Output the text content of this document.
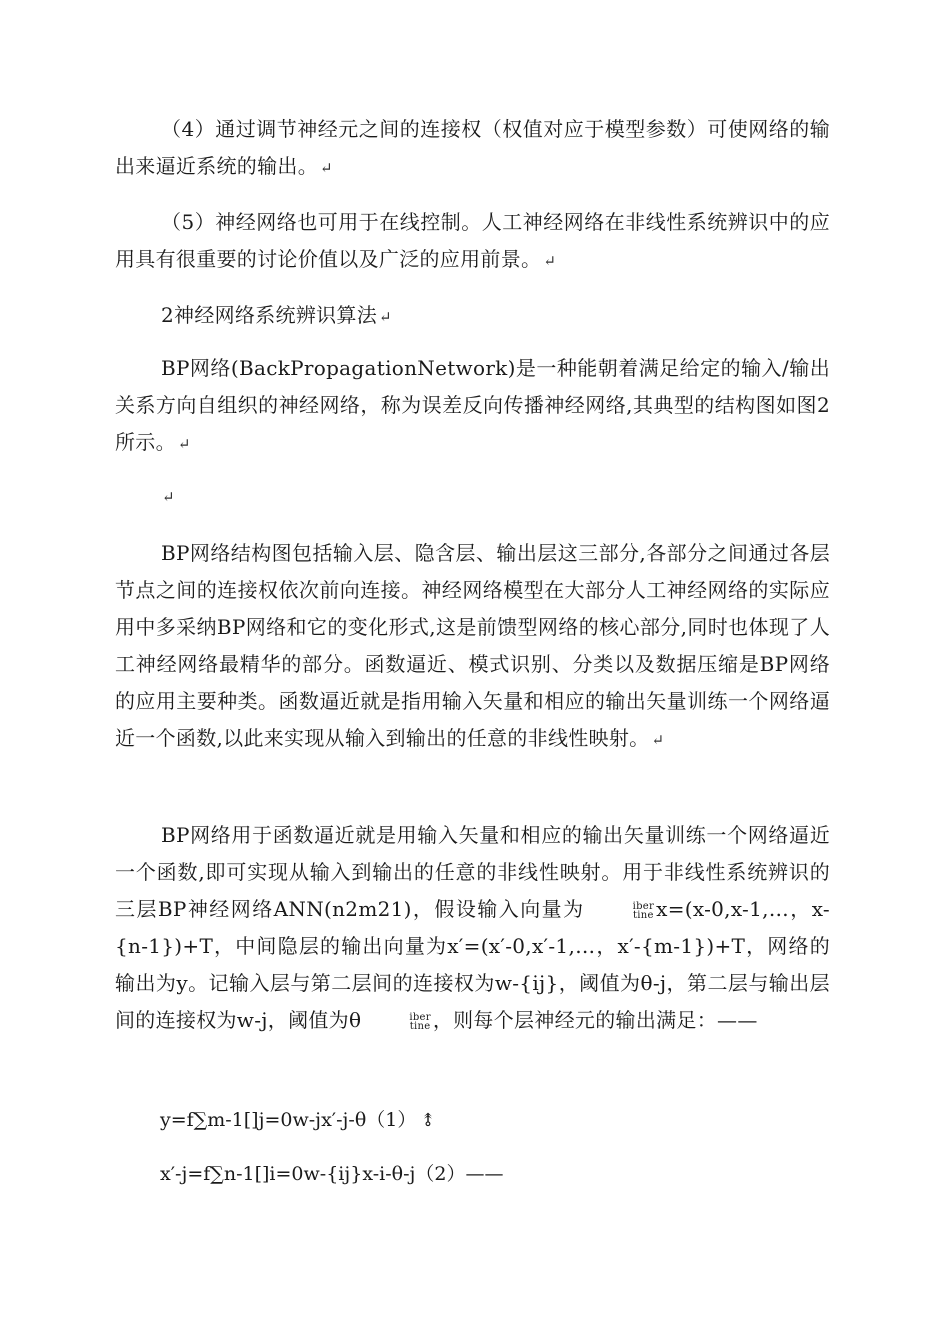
（4）通过调节神经元之间的连接权（权值对应于模型参数）可使网络的输出来逼近系统的输出。 ↵

（5）神经网络也可用于在线控制。人工神经网络在非线性系统辨识中的应用具有很重要的讨论价值以及广泛的应用前景。 ↵

2神经网络系统辨识算法 ↵

BP网络(BackPropagationNetwork)是一种能朝着满足给定的输入/输出关系方向自组织的神经网络，称为误差反向传播神经网络,其典型的结构图如图2所示。 ↵

↵

BP网络结构图包括输入层、隐含层、输出层这三部分,各部分之间通过各层节点之间的连接权依次前向连接。神经网络模型在大部分人工神经网络的实际应用中多采纳BP网络和它的变化形式,这是前馈型网络的核心部分,同时也体现了人工神经网络最精华的部分。函数逼近、模式识别、分类以及数据压缩是BP网络的应用主要种类。函数逼近就是指用输入矢量和相应的输出矢量训练一个网络逼近一个函数,以此来实现从输入到输出的任意的非线性映射。 ↵

BP网络用于函数逼近就是用输入矢量和相应的输出矢量训练一个网络逼近一个函数,即可实现从输入到输出的任意的非线性映射。用于非线性系统辨识的三层BP神经网络ANN(n2m21)，假设输入向量为	iber
tine x=(x-0,x-1,…，x-{n-1})+T，中间隐层的输出向量为x′=(x′-0,x′-1,…，x′-{m-1})+T，网络的输出为y。记输入层与第二层间的连接权为w-{ij}，阈值为θ-j，第二层与输出层间的连接权为w-j，阈值为θ	iber
tine ，则每个层神经元的输出满足：——

y=f∑m-1[]j=0w-jx′-j-θ（1） ⥉
x′-j=f∑n-1[]i=0w-{ij}x-i-θ-j（2）——
